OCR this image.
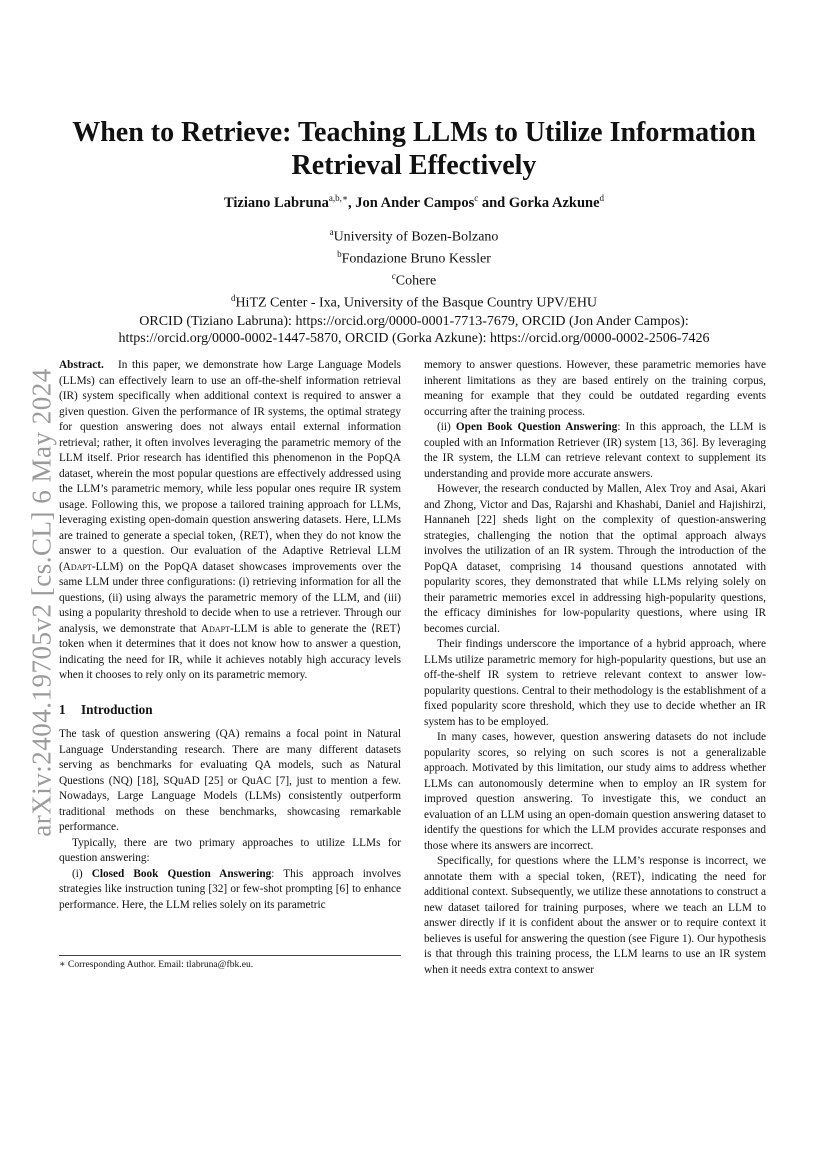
arXiv:2404.19705v2 [cs.CL] 6 May 2024
When to Retrieve: Teaching LLMs to Utilize Information Retrieval Effectively
Tiziano Labruna$^{a,b,∗}$, Jon Ander Campos$^c$ and Gorka Azkune$^d$
$^a$University of Bozen-Bolzano
$^b$Fondazione Bruno Kessler
$^c$Cohere
$^d$HiTZ Center - Ixa, University of the Basque Country UPV/EHU
ORCID (Tiziano Labruna): https://orcid.org/0000-0001-7713-7679, ORCID (Jon Ander Campos):
https://orcid.org/0000-0002-1447-5870, ORCID (Gorka Azkune): https://orcid.org/0000-0002-2506-7426

Abstract. In this paper, we demonstrate how Large Language Models (LLMs) can effectively learn to use an off-the-shelf information retrieval (IR) system specifically when additional context is required to answer a given question. Given the performance of IR systems, the optimal strategy for question answering does not always entail external information retrieval; rather, it often involves leveraging the parametric memory of the LLM itself. Prior research has identified this phenomenon in the PopQA dataset, wherein the most popular questions are effectively addressed using the LLM’s parametric memory, while less popular ones require IR system usage. Following this, we propose a tailored training approach for LLMs, leveraging existing open-domain question answering datasets. Here, LLMs are trained to generate a special token, ⟨RET⟩, when they do not know the answer to a question. Our evaluation of the Adaptive Retrieval LLM (Adapt-LLM) on the PopQA dataset showcases improvements over the same LLM under three configurations: (i) retrieving information for all the questions, (ii) using always the parametric memory of the LLM, and (iii) using a popularity threshold to decide when to use a retriever. Through our analysis, we demonstrate that Adapt-LLM is able to generate the ⟨RET⟩ token when it determines that it does not know how to answer a question, indicating the need for IR, while it achieves notably high accuracy levels when it chooses to rely only on its parametric memory.

1 Introduction

The task of question answering (QA) remains a focal point in Natural Language Understanding research. There are many different datasets serving as benchmarks for evaluating QA models, such as Natural Questions (NQ) [18], SQuAD [25] or QuAC [7], just to mention a few. Nowadays, Large Language Models (LLMs) consistently outperform traditional methods on these benchmarks, showcasing remarkable performance.

Typically, there are two primary approaches to utilize LLMs for question answering:

(i) Closed Book Question Answering: This approach involves strategies like instruction tuning [32] or few-shot prompting [6] to enhance performance. Here, the LLM relies solely on its parametric

∗ Corresponding Author. Email: tlabruna@fbk.eu.

memory to answer questions. However, these parametric memories have inherent limitations as they are based entirely on the training corpus, meaning for example that they could be outdated regarding events occurring after the training process.

(ii) Open Book Question Answering: In this approach, the LLM is coupled with an Information Retriever (IR) system [13, 36]. By leveraging the IR system, the LLM can retrieve relevant context to supplement its understanding and provide more accurate answers.

However, the research conducted by Mallen, Alex Troy and Asai, Akari and Zhong, Victor and Das, Rajarshi and Khashabi, Daniel and Hajishirzi, Hannaneh [22] sheds light on the complexity of question-answering strategies, challenging the notion that the optimal approach always involves the utilization of an IR system. Through the introduction of the PopQA dataset, comprising 14 thousand questions annotated with popularity scores, they demonstrated that while LLMs relying solely on their parametric memories excel in addressing high-popularity questions, the efficacy diminishes for low-popularity questions, where using IR becomes curcial.

Their findings underscore the importance of a hybrid approach, where LLMs utilize parametric memory for high-popularity questions, but use an off-the-shelf IR system to retrieve relevant context to answer low-popularity questions. Central to their methodology is the establishment of a fixed popularity score threshold, which they use to decide whether an IR system has to be employed.

In many cases, however, question answering datasets do not include popularity scores, so relying on such scores is not a generalizable approach. Motivated by this limitation, our study aims to address whether LLMs can autonomously determine when to employ an IR system for improved question answering. To investigate this, we conduct an evaluation of an LLM using an open-domain question answering dataset to identify the questions for which the LLM provides accurate responses and those where its answers are incorrect.

Specifically, for questions where the LLM’s response is incorrect, we annotate them with a special token, ⟨RET⟩, indicating the need for additional context. Subsequently, we utilize these annotations to construct a new dataset tailored for training purposes, where we teach an LLM to answer directly if it is confident about the answer or to require context it believes is useful for answering the question (see Figure 1). Our hypothesis is that through this training process, the LLM learns to use an IR system when it needs extra context to answer
